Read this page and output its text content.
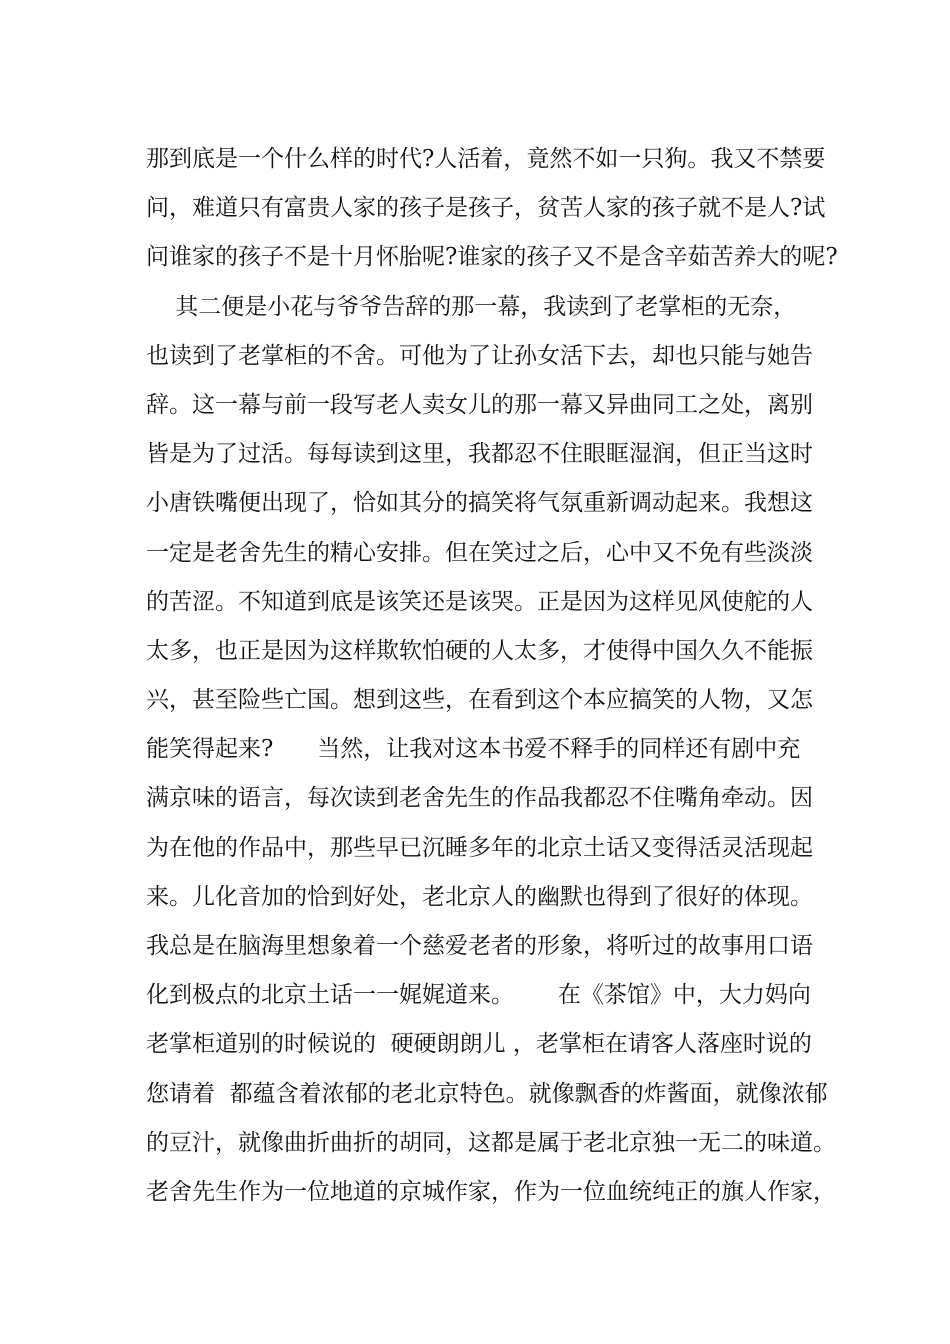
那到底是一个什么样的时代?人活着，竟然不如一只狗。我又不禁要
问，难道只有富贵人家的孩子是孩子，贫苦人家的孩子就不是人?试
问谁家的孩子不是十月怀胎呢?谁家的孩子又不是含辛茹苦养大的呢?
其二便是小花与爷爷告辞的那一幕，我读到了老掌柜的无奈，
也读到了老掌柜的不舍。可他为了让孙女活下去，却也只能与她告
辞。这一幕与前一段写老人卖女儿的那一幕又异曲同工之处，离别
皆是为了过活。每每读到这里，我都忍不住眼眶湿润，但正当这时
小唐铁嘴便出现了，恰如其分的搞笑将气氛重新调动起来。我想这
一定是老舍先生的精心安排。但在笑过之后，心中又不免有些淡淡
的苦涩。不知道到底是该笑还是该哭。正是因为这样见风使舵的人
太多，也正是因为这样欺软怕硬的人太多，才使得中国久久不能振
兴，甚至险些亡国。想到这些，在看到这个本应搞笑的人物，又怎
能笑得起来?      当然，让我对这本书爱不释手的同样还有剧中充
满京味的语言，每次读到老舍先生的作品我都忍不住嘴角牵动。因
为在他的作品中，那些早已沉睡多年的北京土话又变得活灵活现起
来。儿化音加的恰到好处，老北京人的幽默也得到了很好的体现。
我总是在脑海里想象着一个慈爱老者的形象，将听过的故事用口语
化到极点的北京土话一一娓娓道来。      在《茶馆》中，大力妈向
老掌柜道别的时候说的  硬硬朗朗儿 ，老掌柜在请客人落座时说的
您请着  都蕴含着浓郁的老北京特色。就像飘香的炸酱面，就像浓郁
的豆汁，就像曲折曲折的胡同，这都是属于老北京独一无二的味道。
老舍先生作为一位地道的京城作家，作为一位血统纯正的旗人作家，
